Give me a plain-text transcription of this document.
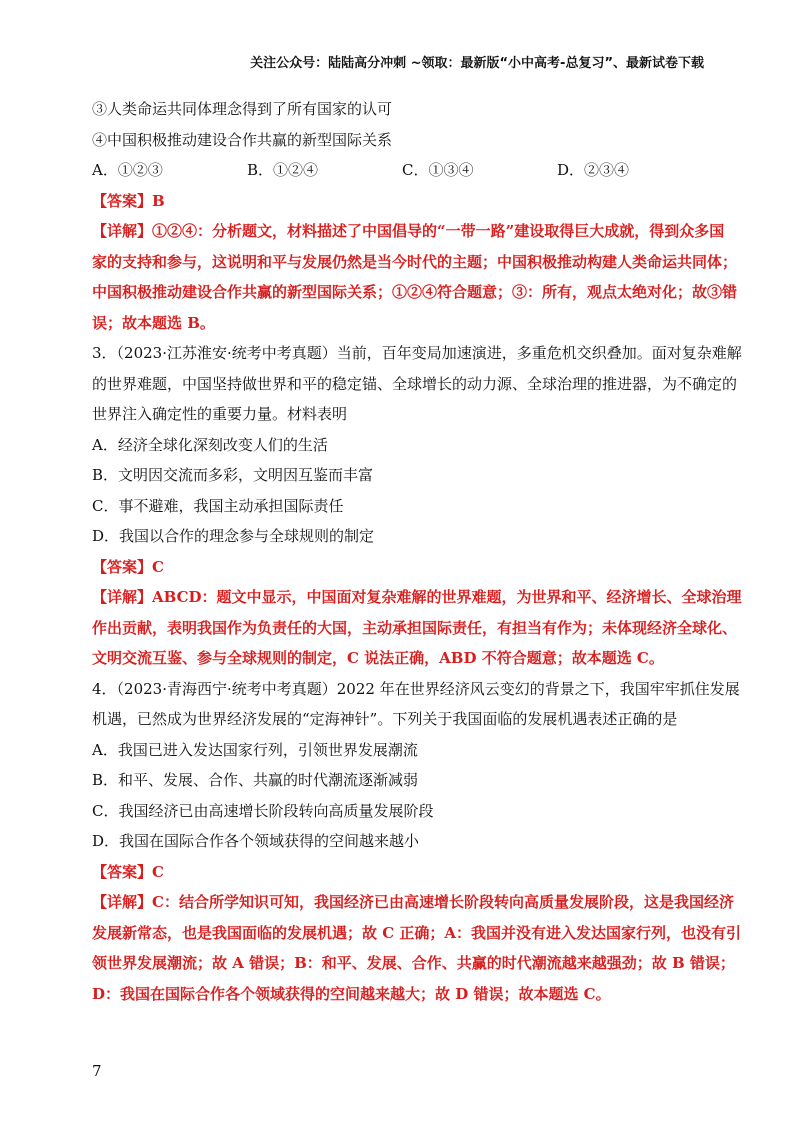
关注公众号：陆陆高分冲刺 ~领取：最新版“小中高考-总复习”、最新试卷下载
③人类命运共同体理念得到了所有国家的认可
④中国积极推动建设合作共赢的新型国际关系
A．①②③	B．①②④	C．①③④	D．②③④
【答案】B
【详解】①②④：分析题文，材料描述了中国倡导的“一带一路”建设取得巨大成就，得到众多国
家的支持和参与，这说明和平与发展仍然是当今时代的主题；中国积极推动构建人类命运共同体；
中国积极推动建设合作共赢的新型国际关系；①②④符合题意；③：所有，观点太绝对化；故③错
误；故本题选 B。
3．（2023·江苏淮安·统考中考真题）当前，百年变局加速演进，多重危机交织叠加。面对复杂难解
的世界难题，中国坚持做世界和平的稳定锚、全球增长的动力源、全球治理的推进器，为不确定的
世界注入确定性的重要力量。材料表明
A．经济全球化深刻改变人们的生活
B．文明因交流而多彩，文明因互鉴而丰富
C．事不避难，我国主动承担国际责任
D．我国以合作的理念参与全球规则的制定
【答案】C
【详解】ABCD：题文中显示，中国面对复杂难解的世界难题，为世界和平、经济增长、全球治理
作出贡献，表明我国作为负责任的大国，主动承担国际责任，有担当有作为；未体现经济全球化、
文明交流互鉴、参与全球规则的制定，C 说法正确，ABD 不符合题意；故本题选 C。
4．（2023·青海西宁·统考中考真题）2022 年在世界经济风云变幻的背景之下，我国牢牢抓住发展
机遇，已然成为世界经济发展的“定海神针”。下列关于我国面临的发展机遇表述正确的是
A．我国已进入发达国家行列，引领世界发展潮流
B．和平、发展、合作、共赢的时代潮流逐渐减弱
C．我国经济已由高速增长阶段转向高质量发展阶段
D．我国在国际合作各个领域获得的空间越来越小
【答案】C
【详解】C：结合所学知识可知，我国经济已由高速增长阶段转向高质量发展阶段，这是我国经济
发展新常态，也是我国面临的发展机遇；故 C 正确；A：我国并没有进入发达国家行列，也没有引
领世界发展潮流；故 A 错误；B：和平、发展、合作、共赢的时代潮流越来越强劲；故 B 错误；
D：我国在国际合作各个领域获得的空间越来越大；故 D 错误；故本题选 C。
7
